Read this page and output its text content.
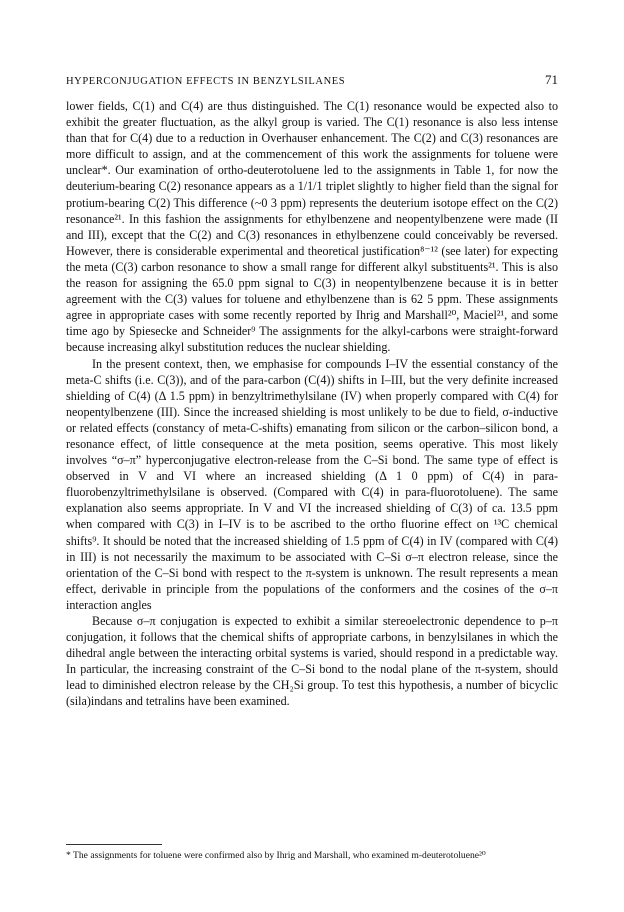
HYPERCONJUGATION EFFECTS IN BENZYLSILANES	71

lower fields, C(1) and C(4) are thus distinguished. The C(1) resonance would be expected also to exhibit the greater fluctuation, as the alkyl group is varied. The C(1) resonance is also less intense than that for C(4) due to a reduction in Overhauser enhancement. The C(2) and C(3) resonances are more difficult to assign, and at the commencement of this work the assignments for toluene were unclear*. Our examination of ortho-deuterotoluene led to the assignments in Table 1, for now the deuterium-bearing C(2) resonance appears as a 1/1/1 triplet slightly to higher field than the signal for protium-bearing C(2) This difference (~0 3 ppm) represents the deuterium isotope effect on the C(2) resonance²¹. In this fashion the assignments for ethylbenzene and neopentylbenzene were made (II and III), except that the C(2) and C(3) resonances in ethylbenzene could conceivably be reversed. However, there is considerable experimental and theoretical justification⁸⁻¹² (see later) for expecting the meta (C(3) carbon resonance to show a small range for different alkyl substituents²¹. This is also the reason for assigning the 65.0 ppm signal to C(3) in neopentylbenzene because it is in better agreement with the C(3) values for toluene and ethylbenzene than is 62 5 ppm. These assignments agree in appropriate cases with some recently reported by Ihrig and Marshall²⁰, Maciel²¹, and some time ago by Spiesecke and Schneider⁹ The assignments for the alkyl-carbons were straight-forward because increasing alkyl substitution reduces the nuclear shielding.

In the present context, then, we emphasise for compounds I–IV the essential constancy of the meta-C shifts (i.e. C(3)), and of the para-carbon (C(4)) shifts in I–III, but the very definite increased shielding of C(4) (Δ 1.5 ppm) in benzyltrimethylsilane (IV) when properly compared with C(4) for neopentylbenzene (III). Since the increased shielding is most unlikely to be due to field, σ-inductive or related effects (constancy of meta-C-shifts) emanating from silicon or the carbon–silicon bond, a resonance effect, of little consequence at the meta position, seems operative. This most likely involves “σ–π” hyperconjugative electron-release from the C–Si bond. The same type of effect is observed in V and VI where an increased shielding (Δ 1 0 ppm) of C(4) in para-fluorobenzyltrimethylsilane is observed. (Compared with C(4) in para-fluorotoluene). The same explanation also seems appropriate. In V and VI the increased shielding of C(3) of ca. 13.5 ppm when compared with C(3) in I–IV is to be ascribed to the ortho fluorine effect on ¹³C chemical shifts⁹. It should be noted that the increased shielding of 1.5 ppm of C(4) in IV (compared with C(4) in III) is not necessarily the maximum to be associated with C–Si σ–π electron release, since the orientation of the C–Si bond with respect to the π-system is unknown. The result represents a mean effect, derivable in principle from the populations of the conformers and the cosines of the σ–π interaction angles

Because σ–π conjugation is expected to exhibit a similar stereoelectronic dependence to p–π conjugation, it follows that the chemical shifts of appropriate carbons, in benzylsilanes in which the dihedral angle between the interacting orbital systems is varied, should respond in a predictable way. In particular, the increasing constraint of the C–Si bond to the nodal plane of the π-system, should lead to diminished electron release by the CH₂Si group. To test this hypothesis, a number of bicyclic (sila)indans and tetralins have been examined.

* The assignments for toluene were confirmed also by Ihrig and Marshall, who examined m-deuterotoluene²⁰
